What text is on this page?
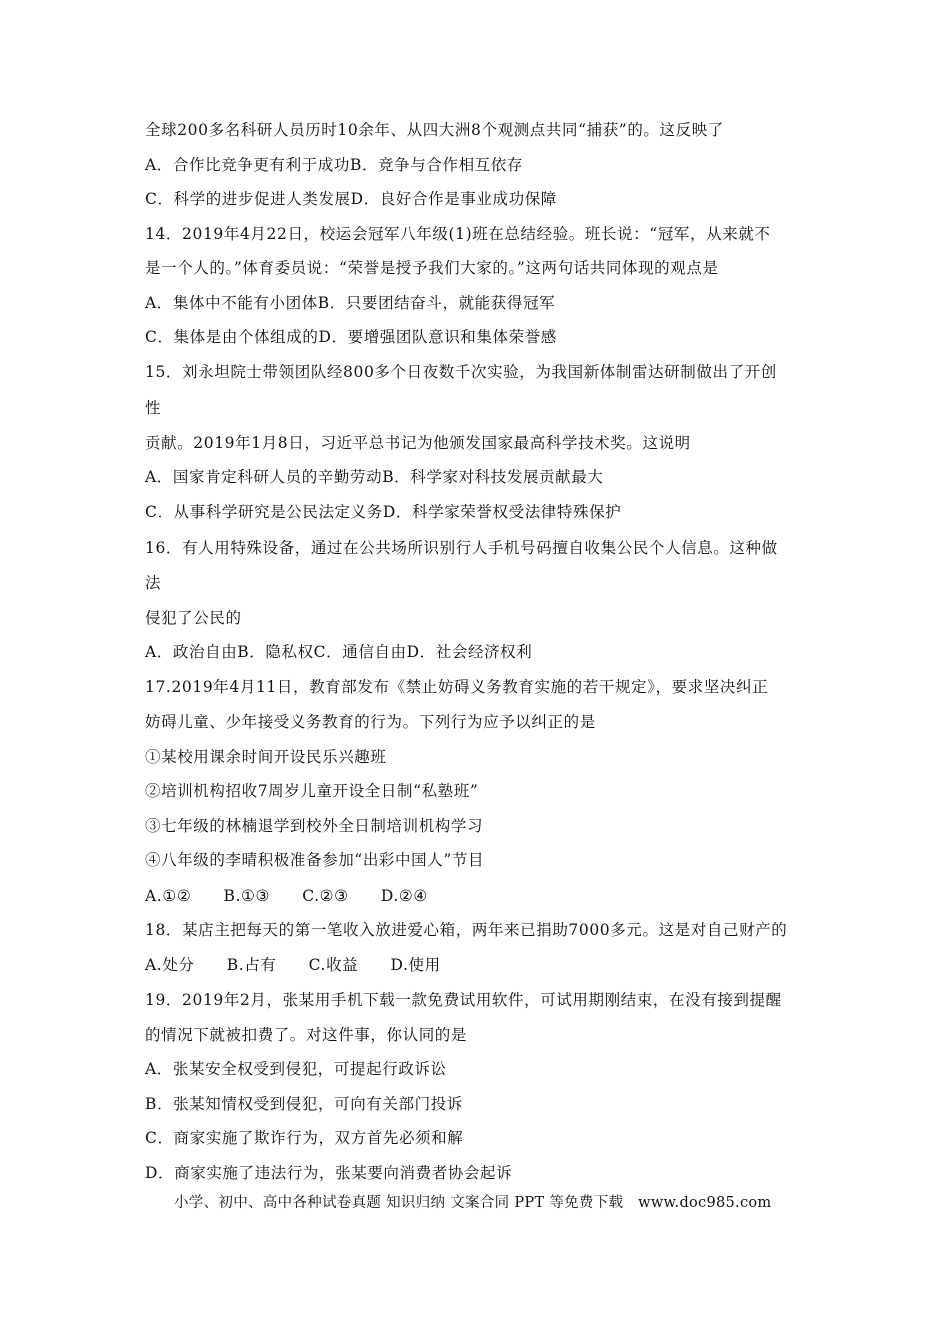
全球200多名科研人员历时10余年、从四大洲8个观测点共同“捕获”的。这反映了
A．合作比竞争更有利于成功B．竞争与合作相互依存
C．科学的进步促进人类发展D．良好合作是事业成功保障
14．2019年4月22日，校运会冠军八年级(1)班在总结经验。班长说：“冠军，从来就不
是一个人的。”体育委员说：“荣誉是授予我们大家的。”这两句话共同体现的观点是
A．集体中不能有小团体B．只要团结奋斗，就能获得冠军
C．集体是由个体组成的D．要增强团队意识和集体荣誉感
15．刘永坦院士带领团队经800多个日夜数千次实验，为我国新体制雷达研制做出了开创
性
贡献。2019年1月8日，习近平总书记为他颁发国家最高科学技术奖。这说明
A．国家肯定科研人员的辛勤劳动B．科学家对科技发展贡献最大
C．从事科学研究是公民法定义务D．科学家荣誉权受法律特殊保护
16．有人用特殊设备，通过在公共场所识别行人手机号码擅自收集公民个人信息。这种做
法
侵犯了公民的
A．政治自由B．隐私权C．通信自由D．社会经济权利
17.2019年4月11日，教育部发布《禁止妨碍义务教育实施的若干规定》，要求坚决纠正
妨碍儿童、少年接受义务教育的行为。下列行为应予以纠正的是
①某校用课余时间开设民乐兴趣班
②培训机构招收7周岁儿童开设全日制“私塾班”
③七年级的林楠退学到校外全日制培训机构学习
④八年级的李晴积极准备参加“出彩中国人”节目
A.①②　　B.①③　　C.②③　　D.②④
18．某店主把每天的第一笔收入放进爱心箱，两年来已捐助7000多元。这是对自己财产的
A.处分　　B.占有　　C.收益　　D.使用
19．2019年2月，张某用手机下载一款免费试用软件，可试用期刚结束，在没有接到提醒
的情况下就被扣费了。对这件事，你认同的是
A．张某安全权受到侵犯，可提起行政诉讼
B．张某知情权受到侵犯，可向有关部门投诉
C．商家实施了欺诈行为，双方首先必须和解
D．商家实施了违法行为，张某要向消费者协会起诉
小学、初中、高中各种试卷真题 知识归纳 文案合同 PPT 等免费下载　www.doc985.com
